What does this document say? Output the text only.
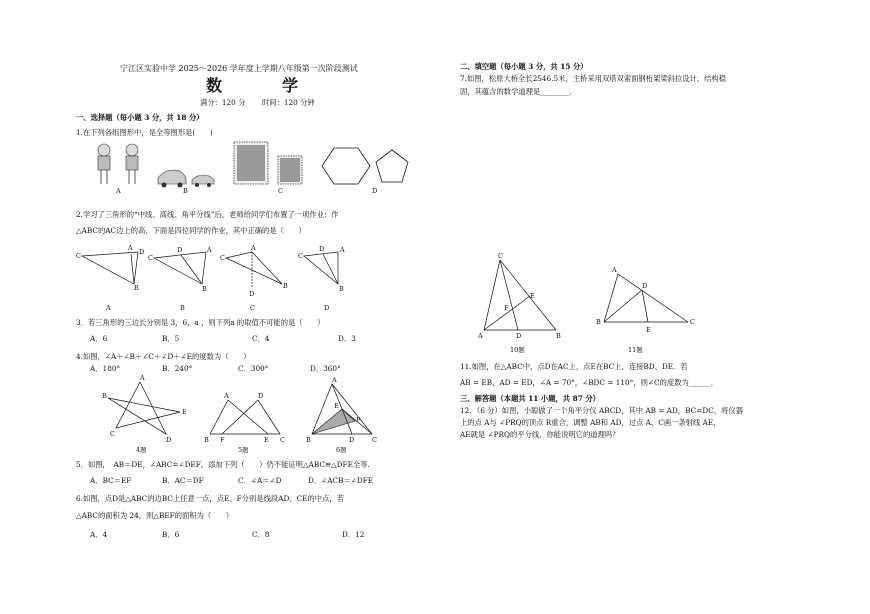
宁江区实验中学 2025～2026 学年度上学期八年级第一次阶段测试
数　学
满分：120 分 时间：120 分钟
一、选择题（每小题 3 分，共 18 分）
1.在下列各组图形中，是全等图形是(　　)
A	B	C	D
2.学习了三角形的“中线、高线、角平分线”后，老师给同学们布置了一项作业：作
△ABC的AC边上的高．下面是四位同学的作业，其中正确的是（　　）
C
A D
B
C
A
D
B
C
A
D
B
C
A
D
B
A	B	C	D
3．若三角形的三边长分别是 3，6，a ，则下列a 的取值不可能的是（　　）
A．6	B．5	C．4	D．3
4.如图，∠A＋∠B＋∠C＋∠D＋∠E的度数为（　　）
A．180°	B．240°	C．300°	D．360°
A
B
C
D
E
A	D
B F	E C
A
E
F
B	D	C
4题	5题	6题
5．如图，　AB＝DE，∠ABC=∠DEF，添加下列（　　）仍不能证明△ABC≌△DFE全等.
A．BC＝EF	B．AC＝DF	C．∠A＝∠D	D．∠ACB＝∠DFE
6.如图，点D是△ABC的边BC上任意一点，点E、F分别是线段AD、CE的中点，若
△ABC的面积为 24，则△BEF的面积为（　　）
A．4	B．6	C．8	D．12
二、填空题（每小题 3 分，共 15 分）
7.如图，松原大桥全长2546.5米，主桥采用双塔双索面钢桁架梁斜拉设计，结构稳
固，其蕴含的数学道理是________．
C
E
F
A	D	B
10题
A
D
B
E
C
11题
11.如图，在△ABC中，点D在AC上，点E在BC上，连接BD、DE．若
AB = EB，AD = ED，∠A = 70°，∠BDC = 110°，则∠C的度数为______．
三、解答题（本题共 11 小题，共 87 分）
12．（6 分）如图，小聪做了一个角平分仪 ABCD，其中 AB = AD，BC=DC，将仪器
上的点 A与 ∠PRQ的顶点 R重合，调整 AB和 AD，过点 A、C画一条射线 AE，
AE就是 ∠PRQ的平分线．你能说明它的道理吗？
